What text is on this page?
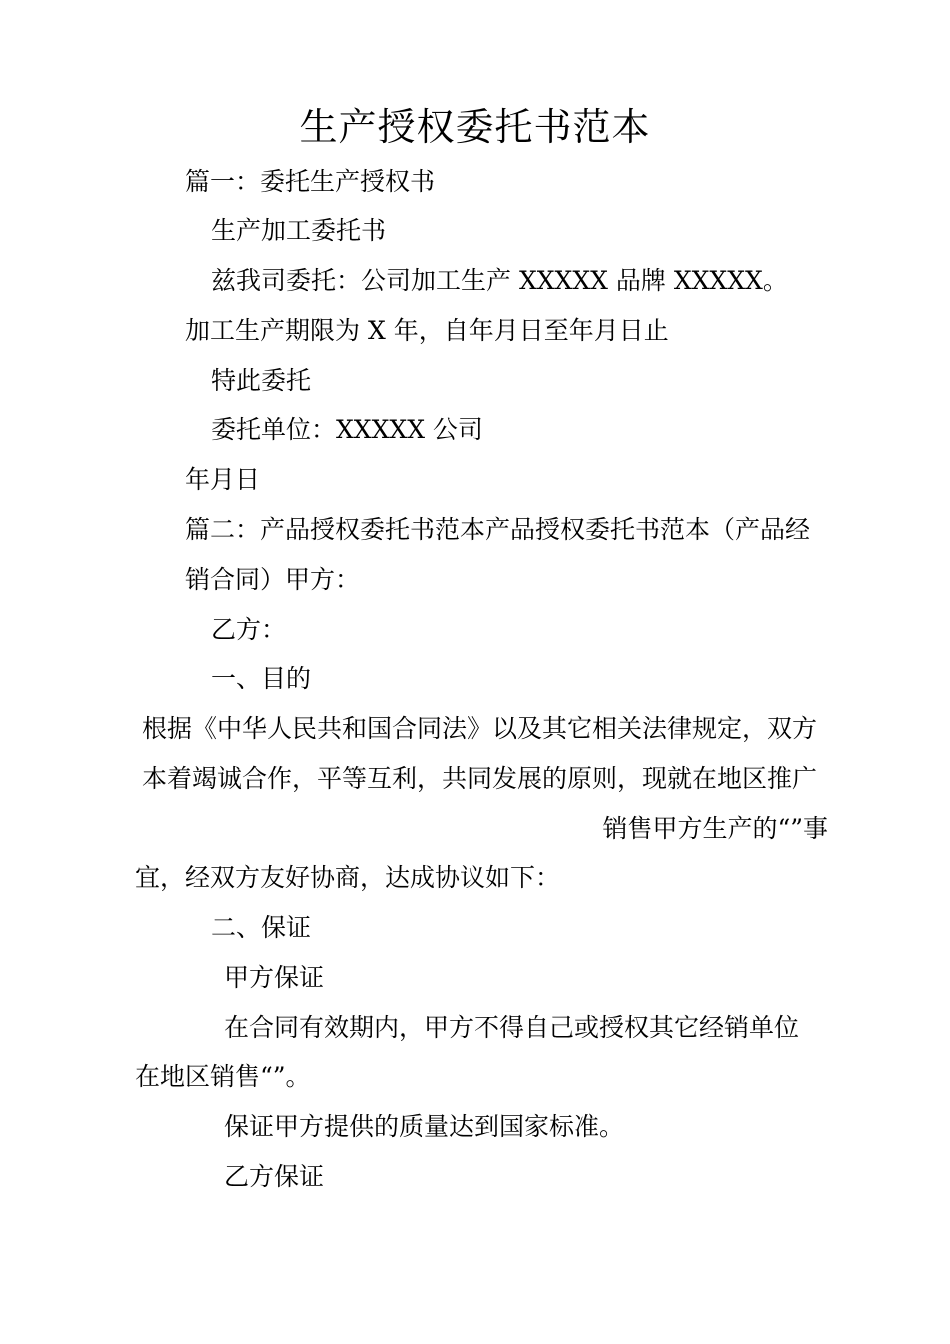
生产授权委托书范本
篇一：委托生产授权书
生产加工委托书
兹我司委托：公司加工生产 XXXXX 品牌 XXXXX。
加工生产期限为 X 年，自年月日至年月日止
特此委托
委托单位：XXXXX 公司
年月日
篇二：产品授权委托书范本产品授权委托书范本（产品经
销合同）甲方：
乙方：
一、目的
根据《中华人民共和国合同法》以及其它相关法律规定，双方
本着竭诚合作，平等互利，共同发展的原则，现就在地区推广
销售甲方生产的“”事
宜，经双方友好协商，达成协议如下：
二、保证
甲方保证
在合同有效期内，甲方不得自己或授权其它经销单位
在地区销售“”。
保证甲方提供的质量达到国家标准。
乙方保证
